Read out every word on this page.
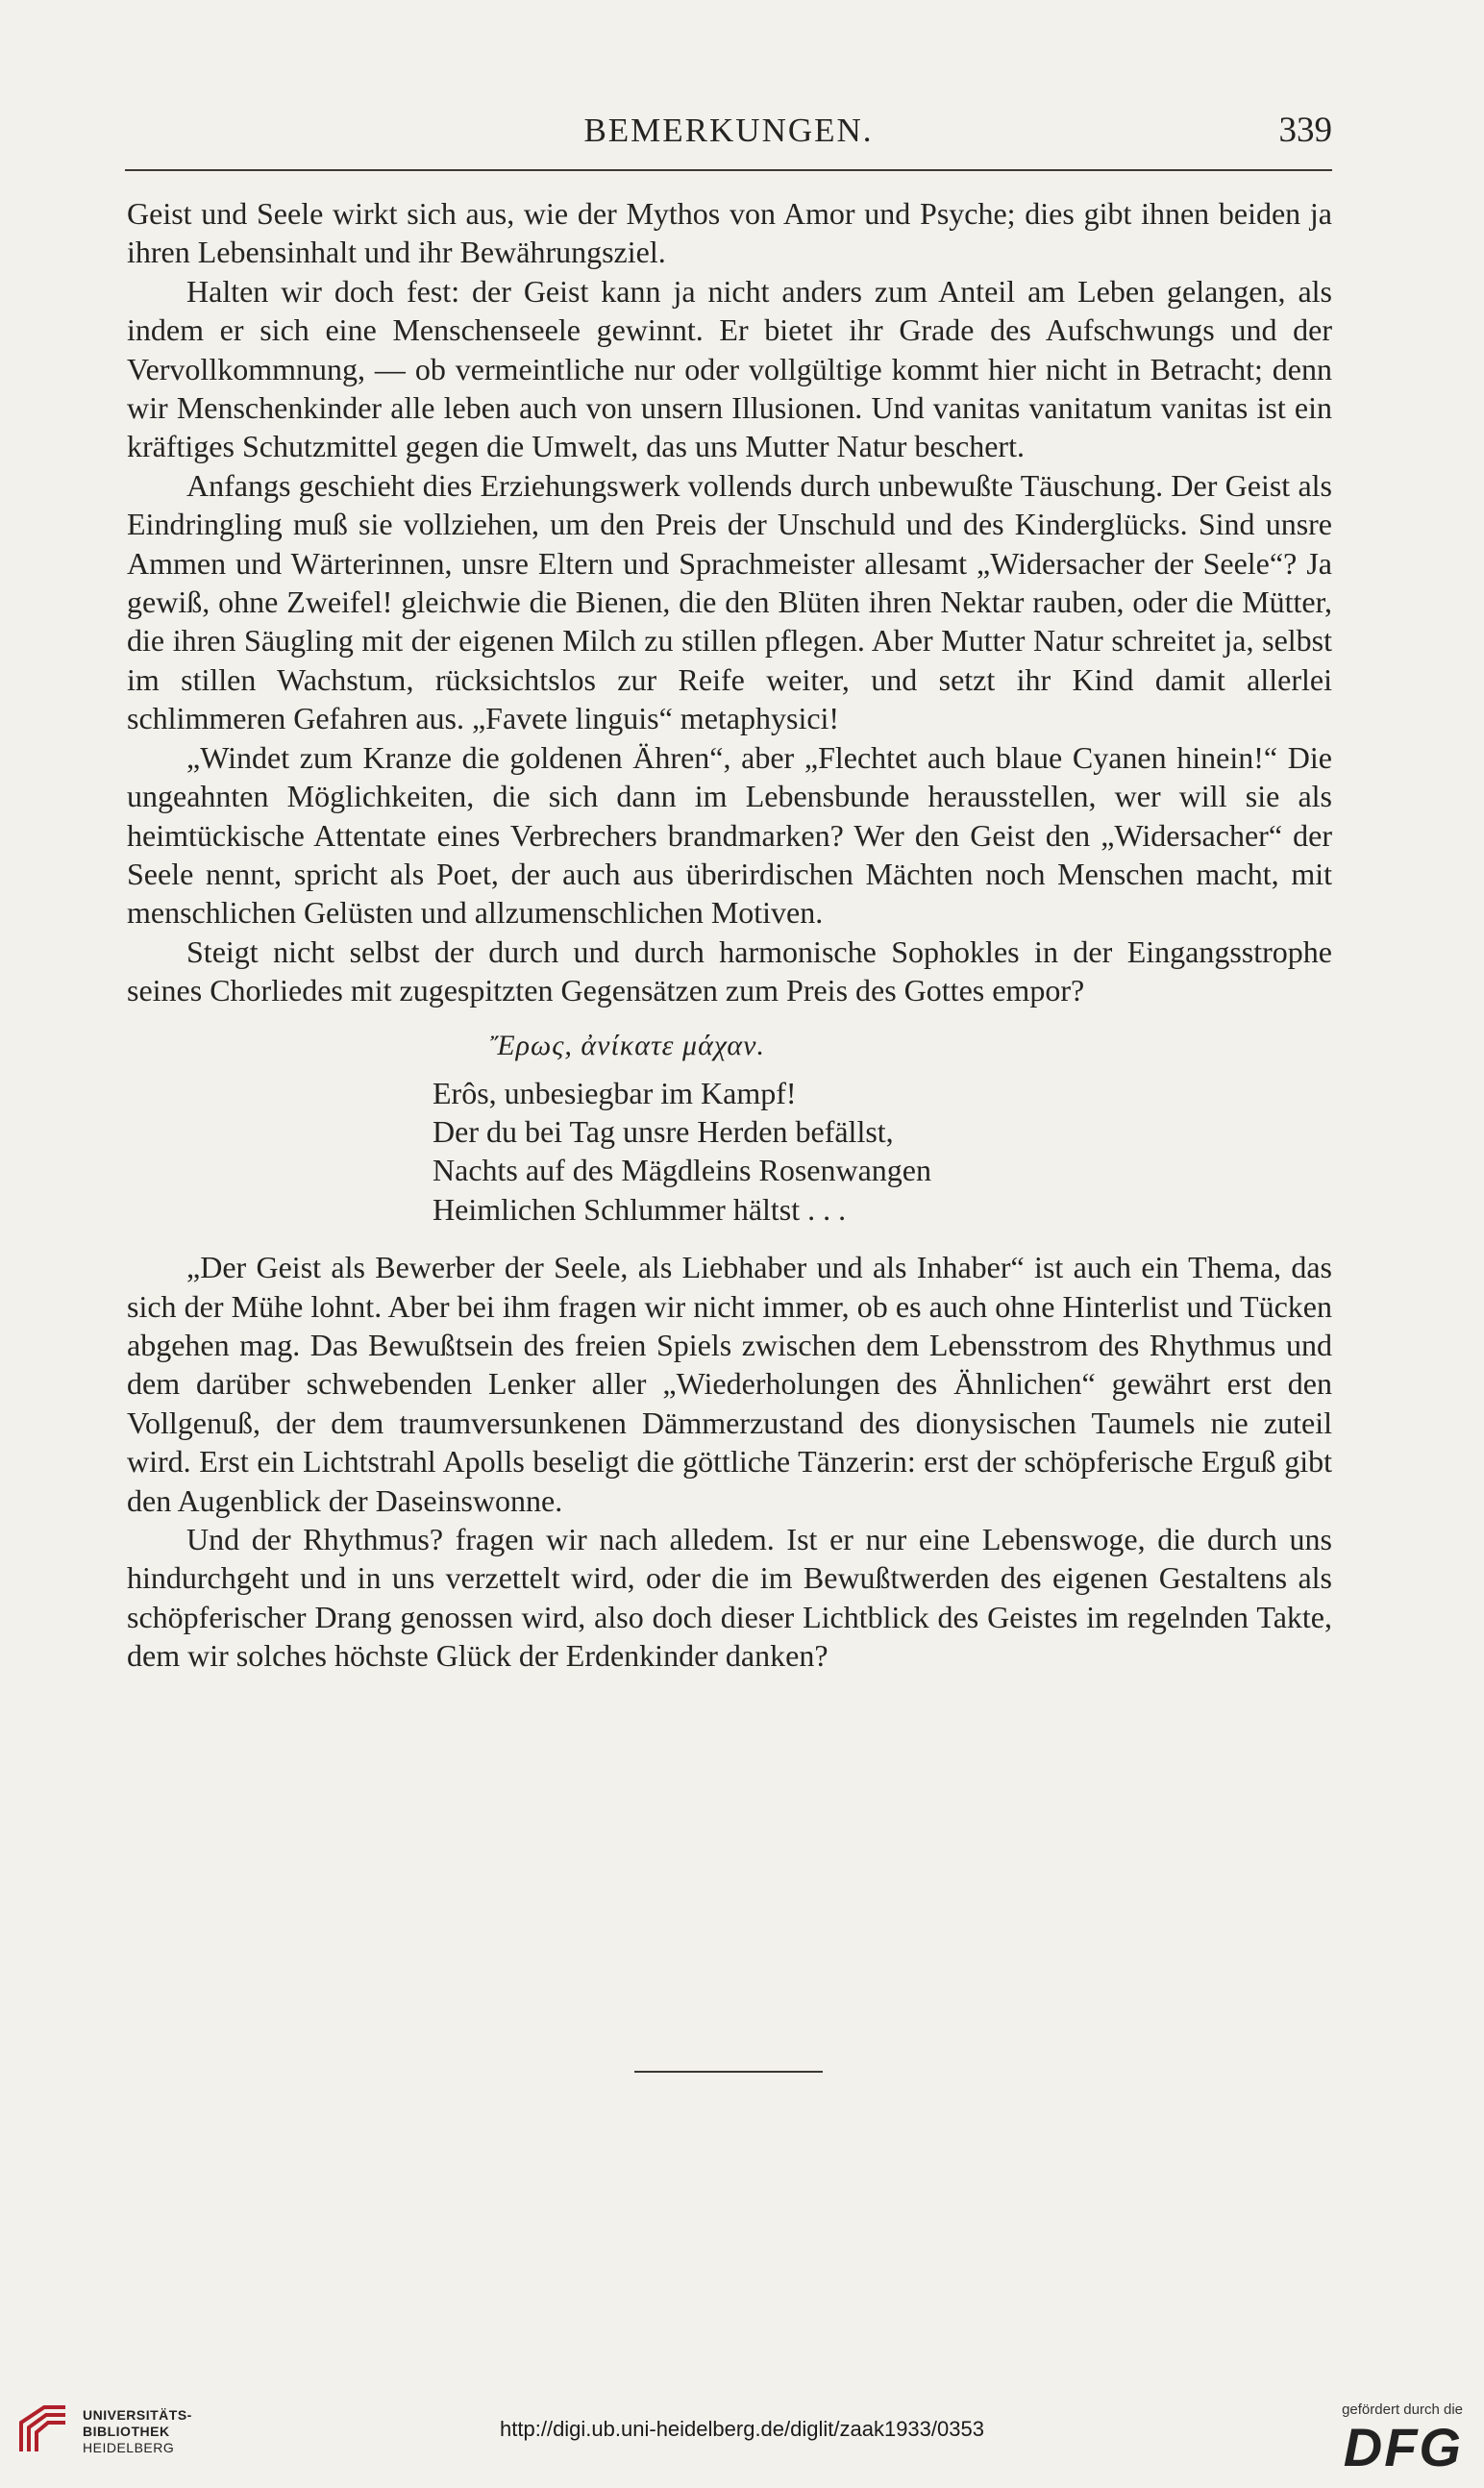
BEMERKUNGEN.	339

Geist und Seele wirkt sich aus, wie der Mythos von Amor und Psyche; dies gibt ihnen beiden ja ihren Lebensinhalt und ihr Bewährungsziel.

Halten wir doch fest: der Geist kann ja nicht anders zum Anteil am Leben gelangen, als indem er sich eine Menschenseele gewinnt. Er bietet ihr Grade des Aufschwungs und der Vervollkommnung, — ob vermeintliche nur oder vollgültige kommt hier nicht in Betracht; denn wir Menschenkinder alle leben auch von unsern Illusionen. Und vanitas vanitatum vanitas ist ein kräftiges Schutzmittel gegen die Umwelt, das uns Mutter Natur beschert.

Anfangs geschieht dies Erziehungswerk vollends durch unbewußte Täuschung. Der Geist als Eindringling muß sie vollziehen, um den Preis der Unschuld und des Kinderglücks. Sind unsre Ammen und Wärterinnen, unsre Eltern und Sprachmeister allesamt „Widersacher der Seele“? Ja gewiß, ohne Zweifel! gleichwie die Bienen, die den Blüten ihren Nektar rauben, oder die Mütter, die ihren Säugling mit der eigenen Milch zu stillen pflegen. Aber Mutter Natur schreitet ja, selbst im stillen Wachstum, rücksichtslos zur Reife weiter, und setzt ihr Kind damit allerlei schlimmeren Gefahren aus. „Favete linguis“ metaphysici!

„Windet zum Kranze die goldenen Ähren“, aber „Flechtet auch blaue Cyanen hinein!“ Die ungeahnten Möglichkeiten, die sich dann im Lebensbunde herausstellen, wer will sie als heimtückische Attentate eines Verbrechers brandmarken? Wer den Geist den „Widersacher“ der Seele nennt, spricht als Poet, der auch aus überirdischen Mächten noch Menschen macht, mit menschlichen Gelüsten und allzumenschlichen Motiven.

Steigt nicht selbst der durch und durch harmonische Sophokles in der Eingangsstrophe seines Chorliedes mit zugespitzten Gegensätzen zum Preis des Gottes empor?

Ἔρως, ἀνίκατε μάχαν.
Erôs, unbesiegbar im Kampf!
Der du bei Tag unsre Herden befällst,
Nachts auf des Mägdleins Rosenwangen
Heimlichen Schlummer hältst . . .

„Der Geist als Bewerber der Seele, als Liebhaber und als Inhaber“ ist auch ein Thema, das sich der Mühe lohnt. Aber bei ihm fragen wir nicht immer, ob es auch ohne Hinterlist und Tücken abgehen mag. Das Bewußtsein des freien Spiels zwischen dem Lebensstrom des Rhythmus und dem darüber schwebenden Lenker aller „Wiederholungen des Ähnlichen“ gewährt erst den Vollgenuß, der dem traumversunkenen Dämmerzustand des dionysischen Taumels nie zuteil wird. Erst ein Lichtstrahl Apolls beseligt die göttliche Tänzerin: erst der schöpferische Erguß gibt den Augenblick der Daseinswonne.

Und der Rhythmus? fragen wir nach alledem. Ist er nur eine Lebenswoge, die durch uns hindurchgeht und in uns verzettelt wird, oder die im Bewußtwerden des eigenen Gestaltens als schöpferischer Drang genossen wird, also doch dieser Lichtblick des Geistes im regelnden Takte, dem wir solches höchste Glück der Erdenkinder danken?

UNIVERSITÄTS-
BIBLIOTHEK
HEIDELBERG
http://digi.ub.uni-heidelberg.de/diglit/zaak1933/0353
gefördert durch die
DFG
